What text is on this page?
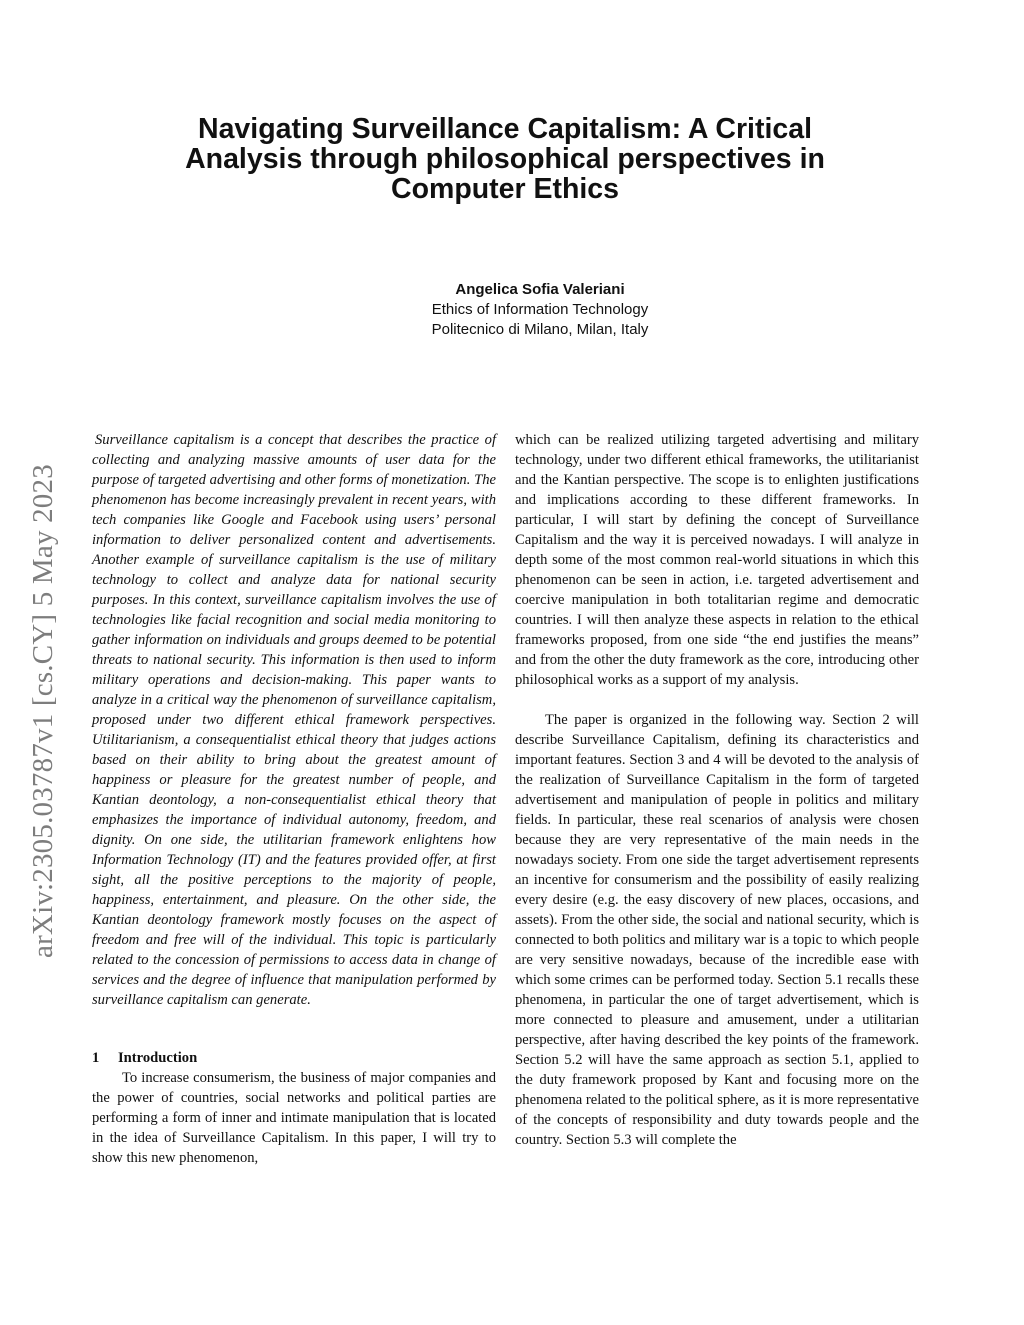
Navigating Surveillance Capitalism: A Critical
Analysis through philosophical perspectives in
Computer Ethics
Angelica Sofia Valeriani
Ethics of Information Technology
Politecnico di Milano, Milan, Italy
arXiv:2305.03787v1 [cs.CY] 5 May 2023

Surveillance capitalism is a concept that describes the practice of collecting and analyzing massive amounts of user data for the purpose of targeted advertising and other forms of monetization. The phenomenon has become increasingly prevalent in recent years, with tech companies like Google and Facebook using users’ personal information to deliver personalized content and advertisements. Another example of surveillance capitalism is the use of military technology to collect and analyze data for national security purposes. In this context, surveillance capitalism involves the use of technologies like facial recognition and social media monitoring to gather information on individuals and groups deemed to be potential threats to national security. This information is then used to inform military operations and decision-making. This paper wants to analyze in a critical way the phenomenon of surveillance capitalism, proposed under two different ethical framework perspectives. Utilitarianism, a consequentialist ethical theory that judges actions based on their ability to bring about the greatest amount of happiness or pleasure for the greatest number of people, and Kantian deontology, a non-consequentialist ethical theory that emphasizes the importance of individual autonomy, freedom, and dignity. On one side, the utilitarian framework enlightens how Information Technology (IT) and the features provided offer, at first sight, all the positive perceptions to the majority of people, happiness, entertainment, and pleasure. On the other side, the Kantian deontology framework mostly focuses on the aspect of freedom and free will of the individual. This topic is particularly related to the concession of permissions to access data in change of services and the degree of influence that manipulation performed by surveillance capitalism can generate.

1 Introduction

To increase consumerism, the business of major companies and the power of countries, social networks and political parties are performing a form of inner and intimate manipulation that is located in the idea of Surveillance Capitalism. In this paper, I will try to show this new phenomenon,

which can be realized utilizing targeted advertising and military technology, under two different ethical frameworks, the utilitarianist and the Kantian perspective. The scope is to enlighten justifications and implications according to these different frameworks. In particular, I will start by defining the concept of Surveillance Capitalism and the way it is perceived nowadays. I will analyze in depth some of the most common real-world situations in which this phenomenon can be seen in action, i.e. targeted advertisement and coercive manipulation in both totalitarian regime and democratic countries. I will then analyze these aspects in relation to the ethical frameworks proposed, from one side “the end justifies the means” and from the other the duty framework as the core, introducing other philosophical works as a support of my analysis.

The paper is organized in the following way. Section 2 will describe Surveillance Capitalism, defining its characteristics and important features. Section 3 and 4 will be devoted to the analysis of the realization of Surveillance Capitalism in the form of targeted advertisement and manipulation of people in politics and military fields. In particular, these real scenarios of analysis were chosen because they are very representative of the main needs in the nowadays society. From one side the target advertisement represents an incentive for consumerism and the possibility of easily realizing every desire (e.g. the easy discovery of new places, occasions, and assets). From the other side, the social and national security, which is connected to both politics and military war is a topic to which people are very sensitive nowadays, because of the incredible ease with which some crimes can be performed today. Section 5.1 recalls these phenomena, in particular the one of target advertisement, which is more connected to pleasure and amusement, under a utilitarian perspective, after having described the key points of the framework. Section 5.2 will have the same approach as section 5.1, applied to the duty framework proposed by Kant and focusing more on the phenomena related to the political sphere, as it is more representative of the concepts of responsibility and duty towards people and the country. Section 5.3 will complete the
